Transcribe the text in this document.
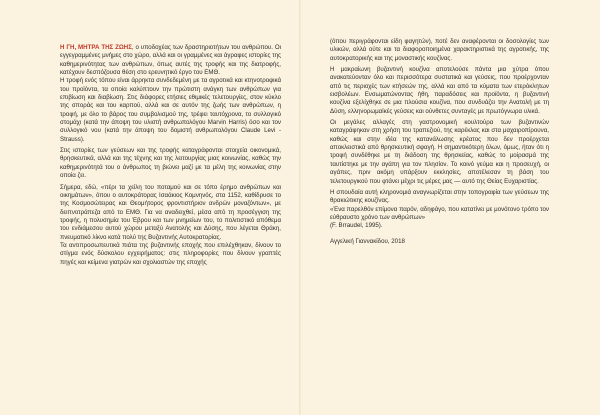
Η ΓΗ, ΜΗΤΡΑ ΤΗΣ ΖΩΗΣ, ο υποδοχέας των δραστηριοτήτων του ανθρώπου. Οι εγγεγραμμένες μνήμες στο χώρο, αλλά και οι γραμμένες και άγραφες ιστορίες της καθημερινότητας των ανθρώπων, όπως αυτές της τροφής και της διατροφής, κατέχουν δεσπόζουσα θέση στο ερευνητικό έργο του ΕΜΘ.

Η τροφή ενός τόπου είναι άρρηκτα συνδεδεμένη με τα αγροτικά και κτηνοτροφικά του προϊόντα, τα οποία καλύπτουν την πρώτιστη ανάγκη των ανθρώπων για επιβίωση και διαβίωση. Στις διάφορες ετήσιες εθιμικές τελετουργίες, στον κύκλο της σποράς και του καρπού, αλλά και σε αυτόν της ζωής των ανθρώπων, η τροφή, με όλο το βάρος του συμβολισμού της, τρέφει ταυτόχρονα, το συλλογικό στομάχι (κατά την άποψη του υλιστή ανθρωπολόγου Marvin Harris) όσο και τον συλλογικό νου (κατά την άποψη του δομιστή ανθρωπολόγου Claude Levi - Strauss).

Στις ιστορίες των γεύσεων και της τροφής καταγράφονται στοιχεία οικονομικά, θρησκευτικά, αλλά και της τέχνης και της λειτουργίας μιας κοινωνίας, καθώς την καθημερινότητά του ο άνθρωπος τη βιώνει μαζί με τα μέλη της κοινωνίας στην οποία ζει.

Σήμερα, εδώ, «πέρι τα χείλη του ποταμού και σε τόπο έρημο ανθρώπων και οικημάτων», όπου ο αυτοκράτορας Ισαάκιος Κομνηνός, στα 1152, καθίδρυσε το της Κοσμοσώτειρας και Θεομήτορος φροντιστήριον ανδρών μοναζόντων», με δειπνοτράπεζα από το ΕΜΘ. Για να αναδειχθεί, μέσα από τη προσέγγιση της τροφής, η πολυσημία του Έβρου και των μνημείων του, το πολιτιστικό απόθεμα του ενδιάμεσου αυτού χώρου μεταξύ Ανατολής και Δύσης, που λέγεται Θράκη, πνευματικό λίκνο κατά πολύ της Βυζαντινής Αυτοκρατορίας.

Τα αντιπροσωπευτικά πιάτα της βυζαντινής εποχής που επιλέχθηκαν, δίνουν το στίγμα ενός δύσκολου εγχειρήματος: στις πληροφορίες που δίνουν γραπτές πηγές και κείμενα γιατρών και σχολιαστών της εποχής

(όπου περιγράφονται είδη φαγητών), ποτέ δεν αναφέρονται οι δοσολογίες των υλικών, αλλά ούτε και τα διαφοροποιημένα χαρακτηριστικά της αγροτικής, της αυτοκρατορικής και της μοναστικής κουζίνας.

Η μακραίωνη βυζαντινή κουζίνα αποτελούσε πάντα μια χύτρα όπου ανακατεύονταν όλο και περισσότερα συστατικά και γεύσεις, που προέρχονταν από τις περιοχές των κτήσεών της, αλλά και από τα κύματα των ετερόκλητων εισβολέων. Ενσωματώνοντας ήθη, παραδόσεις και προϊόντα, η βυζαντινή κουζίνα εξελίχθηκε σε μια πλούσια κουζίνα, που συνδυάζει την Ανατολή με τη Δύση, ελληνορωμαϊκές γεύσεις και ούνθετες συνταγές με πρωτόγνωρα υλικά.

Οι μεγάλες αλλαγές στη γαστρονομική κουλτούρα των βυζαντινών καταγράφηκαν στη χρήση του τραπεζιού, της καρέκλας και στα μαχαιροπίρουνα, καθώς και στην ιδέα της κατανάλωσης κρέατος που δεν προέρχεται αποκλειστικά από θρησκευτική σφαγή. Η σημαντικότερη όλων, όμως, ήταν ότι η τροφή συνδέθηκε με τη διάδοση της θρησκείας, καθώς το μοίρασμά της ταυτίστηκε με την αγάπη για τον πλησίον. Το κοινό γεύμα και η προσευχή, οι αγάπες, πριν ακόμη υπάρξουν εκκλησίες, αποτέλεσαν τη βάση του τελετουργικού που φτάνει μέχρι τις μέρες μας — αυτό της Θείας Ευχαριστίας.

Η σπουδαία αυτή κληρονομιά αναγνωρίζεται στην τοπογραφία των γεύσεων της θρακιώτικης κουζίνας.

«Ένα παρελθόν επίμονα παρόν, αδηφάγο, που κατατίνει με μονότονο τρόπο τον εύθραυστο χρόνο των ανθρώπων»

(F. Brraudel, 1995).

Αγγελική Γιαννακίδου, 2018
